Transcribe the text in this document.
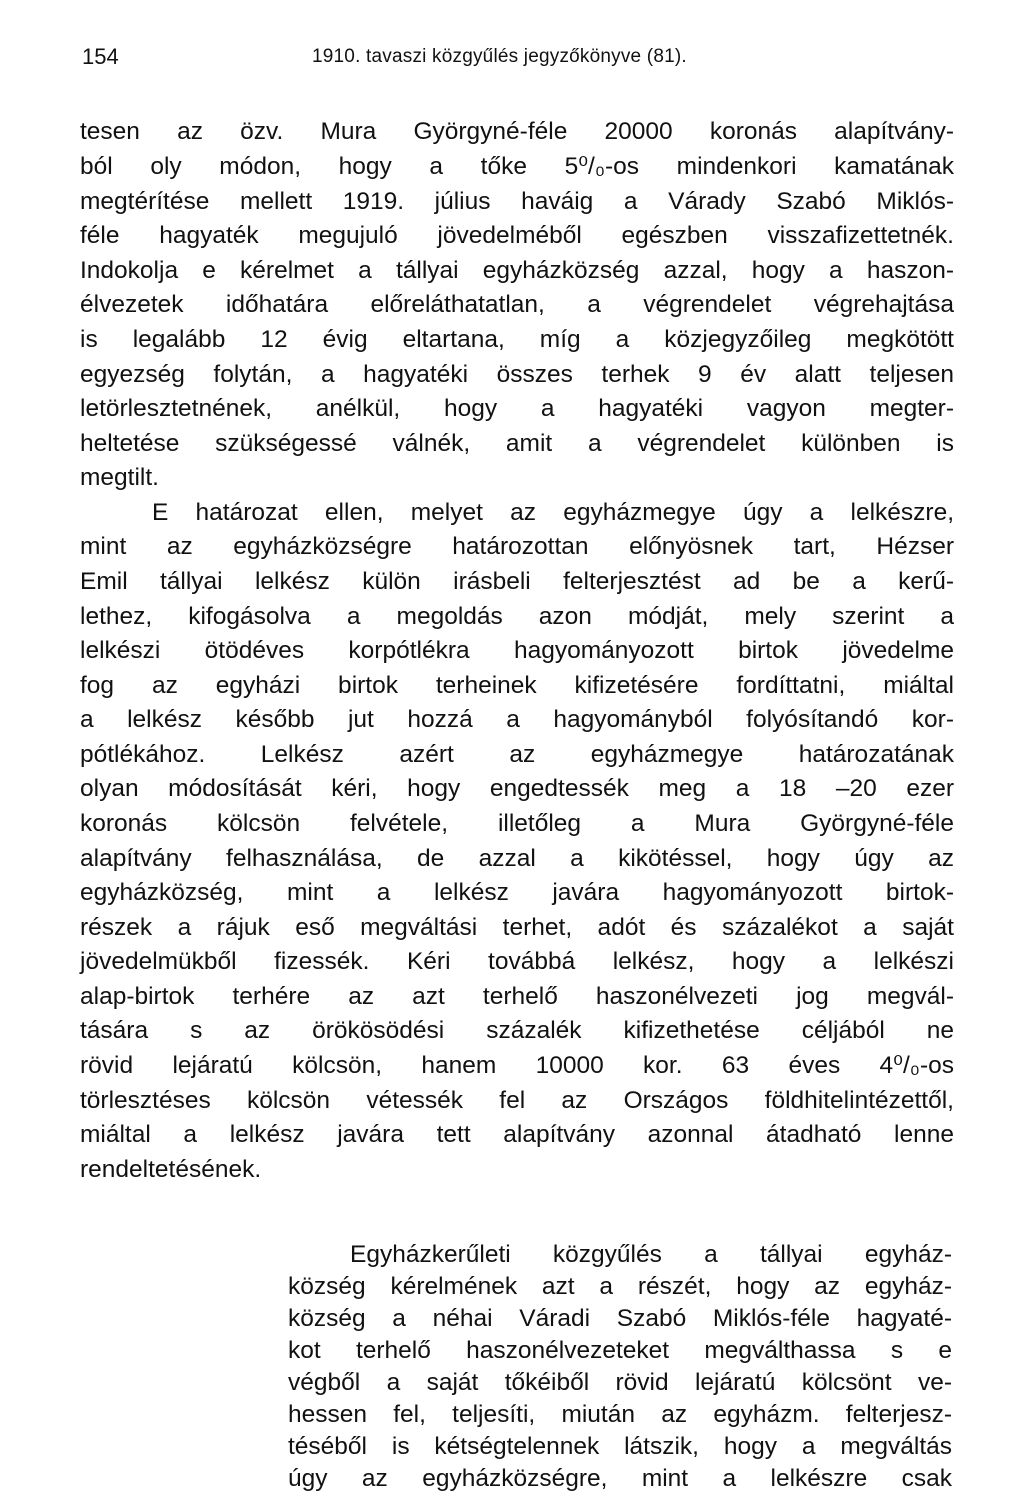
154	1910. tavaszi közgyűlés jegyzőkönyve (81).
tesen az özv. Mura Györgyné-féle 20000 koronás alapítvány-
ból oly módon, hogy a tőke 5⁰/₀-os mindenkori kamatának
megtérítése mellett 1919. július haváig a Várady Szabó Miklós-
féle hagyaték megujuló jövedelméből egészben visszafizettetnék.
Indokolja e kérelmet a tállyai egyházközség azzal, hogy a haszon-
élvezetek időhatára előreláthatatlan, a végrendelet végrehajtása
is legalább 12 évig eltartana, míg a közjegyzőileg megkötött
egyezség folytán, a hagyatéki összes terhek 9 év alatt teljesen
letörlesztetnének, anélkül, hogy a hagyatéki vagyon megter-
heltetése szükségessé válnék, amit a végrendelet különben is
megtilt.
E határozat ellen, melyet az egyházmegye úgy a lelkészre,
mint az egyházközségre határozottan előnyösnek tart, Hézser
Emil tállyai lelkész külön irásbeli felterjesztést ad be a kerű-
lethez, kifogásolva a megoldás azon módját, mely szerint a
lelkészi ötödéves korpótlékra hagyományozott birtok jövedelme
fog az egyházi birtok terheinek kifizetésére fordíttatni, miáltal
a lelkész később jut hozzá a hagyományból folyósítandó kor-
pótlékához. Lelkész azért az egyházmegye határozatának
olyan módosítását kéri, hogy engedtessék meg a 18 –20 ezer
koronás kölcsön felvétele, illetőleg a Mura Györgyné-féle
alapítvány felhasználása, de azzal a kikötéssel, hogy úgy az
egyházközség, mint a lelkész javára hagyományozott birtok-
részek a rájuk eső megváltási terhet, adót és százalékot a saját
jövedelmükből fizessék. Kéri továbbá lelkész, hogy a lelkészi
alap-birtok terhére az azt terhelő haszonélvezeti jog megvál-
tására s az örökösödési százalék kifizethetése céljából ne
rövid lejáratú kölcsön, hanem 10000 kor. 63 éves 4⁰/₀-os
törlesztéses kölcsön vétessék fel az Országos földhitelintézettől,
miáltal a lelkész javára tett alapítvány azonnal átadható lenne
rendeltetésének.
Egyházkerűleti közgyűlés a tállyai egyház-
község kérelmének azt a részét, hogy az egyház-
község a néhai Váradi Szabó Miklós-féle hagyaté-
kot terhelő haszonélvezeteket megválthassa s e
végből a saját tőkéiből rövid lejáratú kölcsönt ve-
hessen fel, teljesíti, miután az egyházm. felterjesz-
téséből is kétségtelennek látszik, hogy a megváltás
úgy az egyházközségre, mint a lelkészre csak
